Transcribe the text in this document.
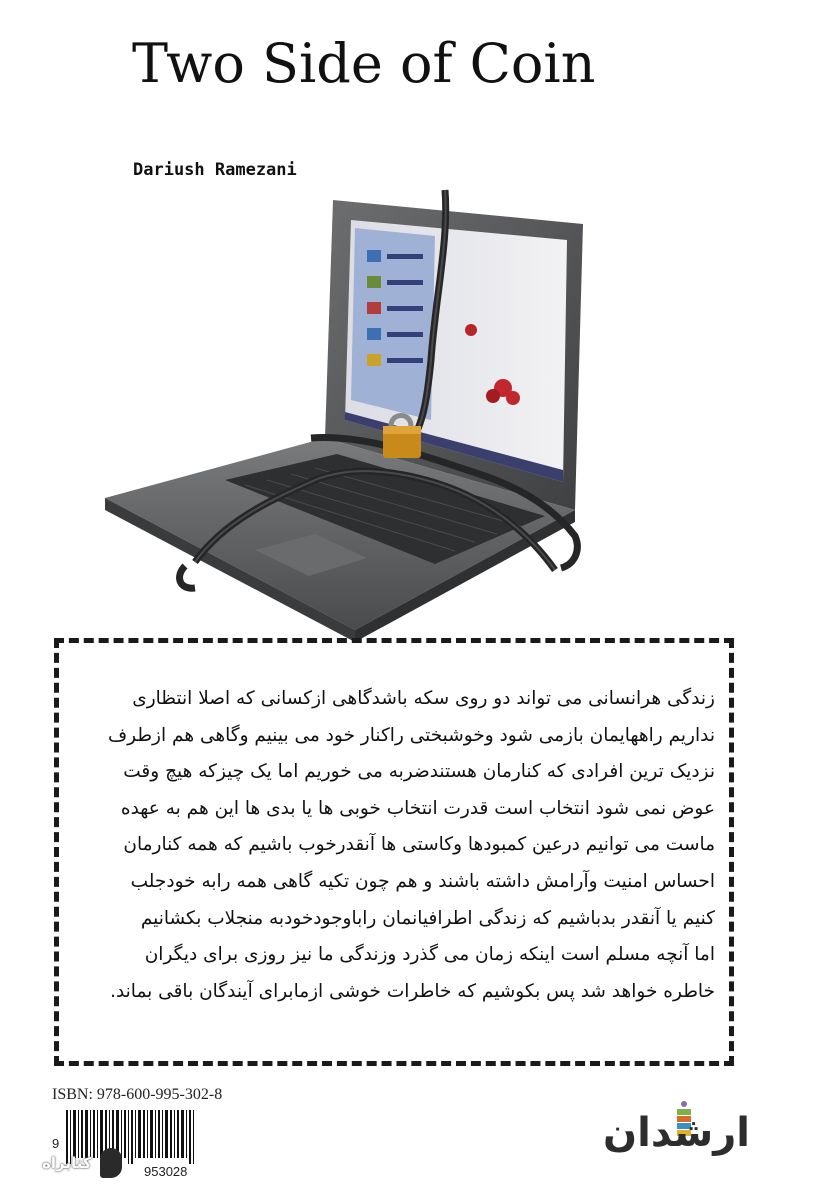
Two Side of Coin
Dariush Ramezani
زندگی هرانسانی می تواند دو روی سکه باشدگاهی ازکسانی که اصلا انتظاری
نداریم راههایمان بازمی شود وخوشبختی راکنار خود می بینیم وگاهی هم ازطرف
نزدیک ترین افرادی که کنارمان هستندضربه می خوریم اما یک چیزکه هیچ وقت
عوض نمی شود انتخاب است قدرت انتخاب خوبی ها یا بدی ها این هم به عهده
ماست می توانیم درعین کمبودها وکاستی ها آنقدرخوب باشیم که همه کنارمان
احساس امنیت وآرامش داشته باشند و هم چون تکیه گاهی همه رابه خودجلب
کنیم یا آنقدر بدباشیم که زندگی اطرافیانمان راباوجودخودبه منجلاب بکشانیم
اما آنچه مسلم است اینکه زمان می گذرد وزندگی ما نیز روزی برای دیگران
خاطره خواهد شد پس بکوشیم که خاطرات خوشی ازمابرای آیندگان باقی بماند.
ISBN: 978-600-995-302-8
9
953028
کتابراه
ارشدان
